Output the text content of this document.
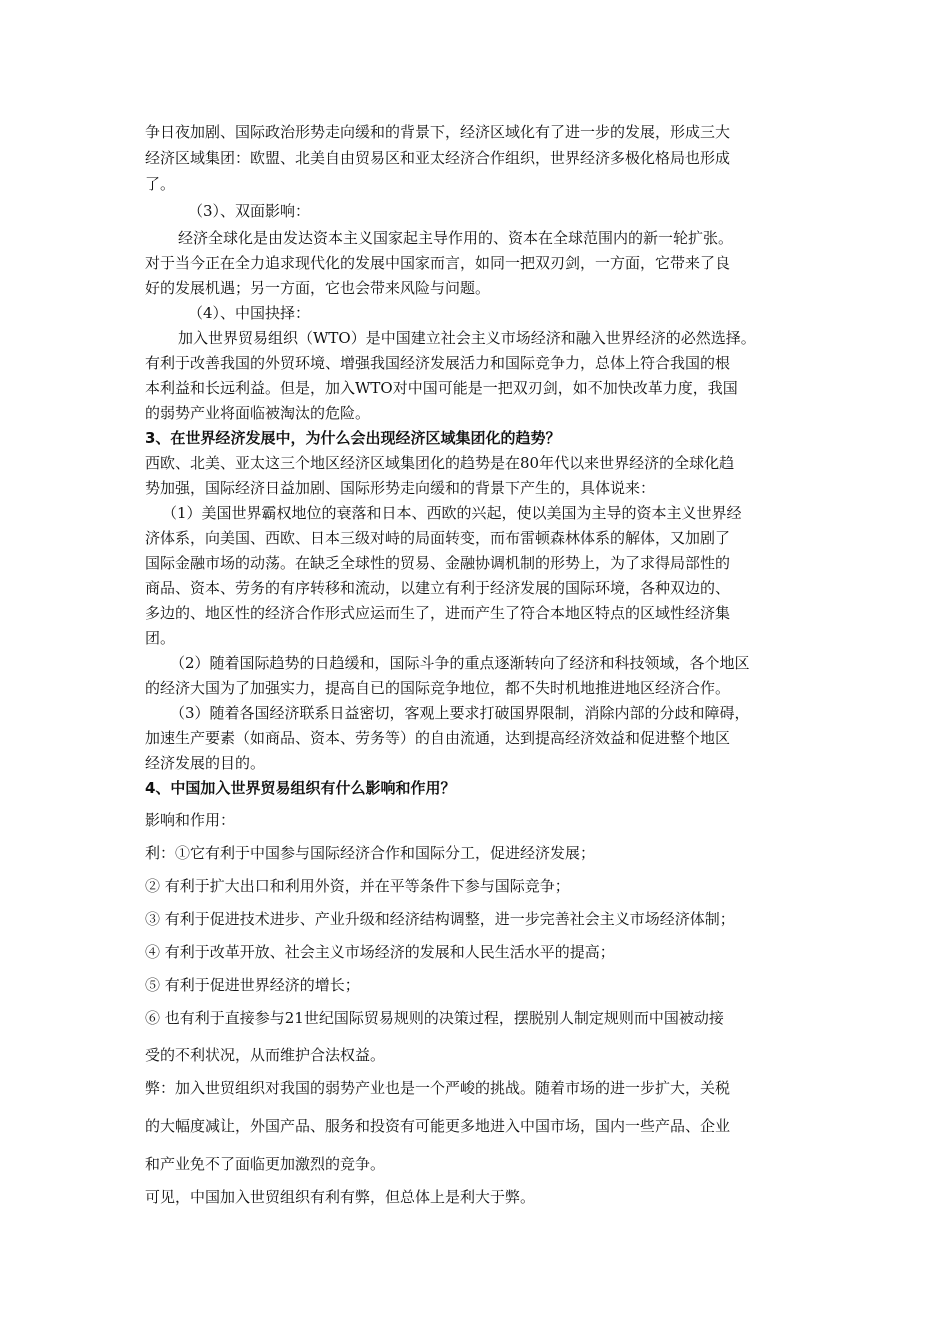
争日夜加剧、国际政治形势走向缓和的背景下，经济区域化有了进一步的发展，形成三大
经济区域集团：欧盟、北美自由贸易区和亚太经济合作组织，世界经济多极化格局也形成
了。
（3）、双面影响：
经济全球化是由发达资本主义国家起主导作用的、资本在全球范围内的新一轮扩张。
对于当今正在全力追求现代化的发展中国家而言，如同一把双刃剑，一方面，它带来了良
好的发展机遇；另一方面，它也会带来风险与问题。
（4）、中国抉择：
加入世界贸易组织（WTO）是中国建立社会主义市场经济和融入世界经济的必然选择。
有利于改善我国的外贸环境、增强我国经济发展活力和国际竞争力，总体上符合我国的根
本利益和长远利益。但是，加入WTO对中国可能是一把双刃剑，如不加快改革力度，我国
的弱势产业将面临被淘汰的危险。
3、在世界经济发展中，为什么会出现经济区域集团化的趋势？
西欧、北美、亚太这三个地区经济区域集团化的趋势是在80年代以来世界经济的全球化趋
势加强，国际经济日益加剧、国际形势走向缓和的背景下产生的，具体说来：
（1）美国世界霸权地位的衰落和日本、西欧的兴起，使以美国为主导的资本主义世界经
济体系，向美国、西欧、日本三级对峙的局面转变，而布雷顿森林体系的解体，又加剧了
国际金融市场的动荡。在缺乏全球性的贸易、金融协调机制的形势上，为了求得局部性的
商品、资本、劳务的有序转移和流动，以建立有利于经济发展的国际环境，各种双边的、
多边的、地区性的经济合作形式应运而生了，进而产生了符合本地区特点的区域性经济集
团。
（2）随着国际趋势的日趋缓和，国际斗争的重点逐渐转向了经济和科技领域，各个地区
的经济大国为了加强实力，提高自已的国际竞争地位，都不失时机地推进地区经济合作。
（3）随着各国经济联系日益密切，客观上要求打破国界限制，消除内部的分歧和障碍，
加速生产要素（如商品、资本、劳务等）的自由流通，达到提高经济效益和促进整个地区
经济发展的目的。
4、中国加入世界贸易组织有什么影响和作用？
影响和作用：
利：①它有利于中国参与国际经济合作和国际分工，促进经济发展；
② 有利于扩大出口和利用外资，并在平等条件下参与国际竞争；
③ 有利于促进技术进步、产业升级和经济结构调整，进一步完善社会主义市场经济体制；
④ 有利于改革开放、社会主义市场经济的发展和人民生活水平的提高；
⑤ 有利于促进世界经济的增长；
⑥ 也有利于直接参与21世纪国际贸易规则的决策过程，摆脱别人制定规则而中国被动接
受的不利状况，从而维护合法权益。
弊：加入世贸组织对我国的弱势产业也是一个严峻的挑战。随着市场的进一步扩大，关税
的大幅度减让，外国产品、服务和投资有可能更多地进入中国市场，国内一些产品、企业
和产业免不了面临更加激烈的竞争。
可见，中国加入世贸组织有利有弊，但总体上是利大于弊。
